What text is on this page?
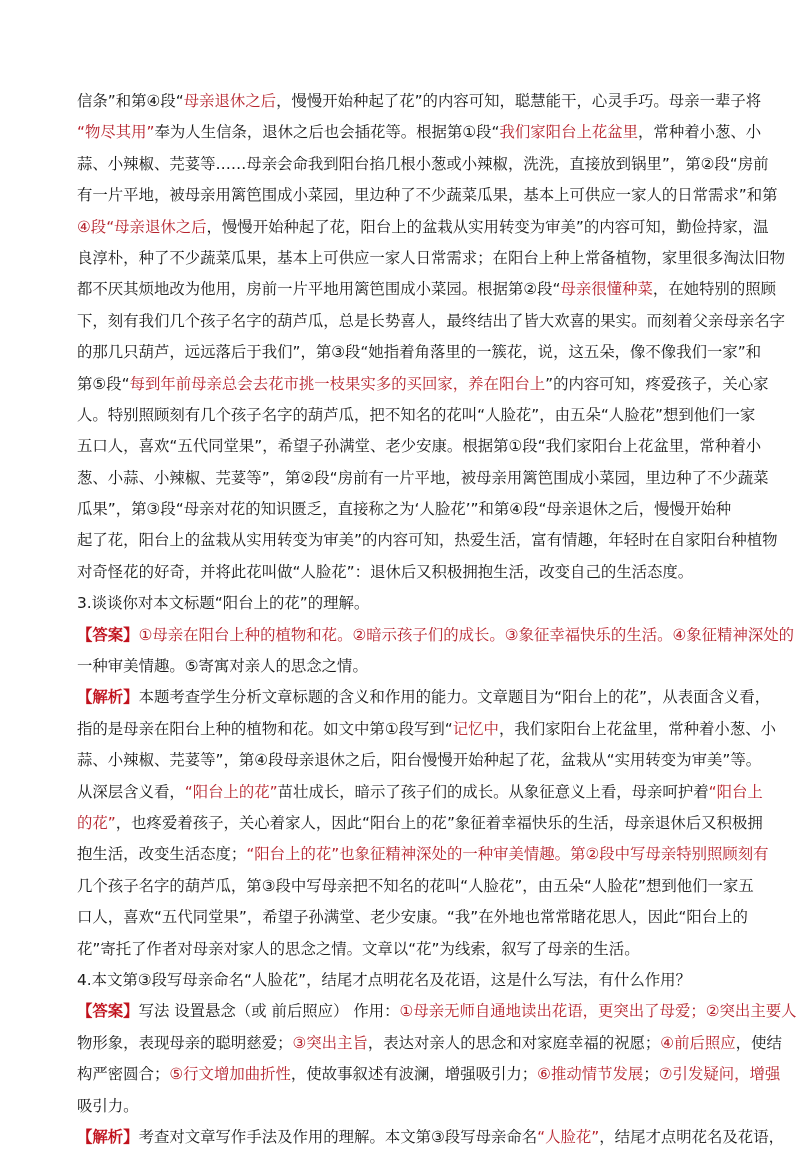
信条”和第④段“母亲退休之后，慢慢开始种起了花”的内容可知，聪慧能干，心灵手巧。母亲一辈子将
“物尽其用”奉为人生信条，退休之后也会插花等。根据第①段“我们家阳台上花盆里，常种着小葱、小
蒜、小辣椒、芫荽等……母亲会命我到阳台掐几根小葱或小辣椒，洗洗，直接放到锅里”，第②段“房前
有一片平地，被母亲用篱笆围成小菜园，里边种了不少蔬菜瓜果，基本上可供应一家人的日常需求”和第
④段“母亲退休之后，慢慢开始种起了花，阳台上的盆栽从实用转变为审美”的内容可知，勤俭持家，温
良淳朴，种了不少蔬菜瓜果，基本上可供应一家人日常需求；在阳台上种上常备植物，家里很多淘汰旧物
都不厌其烦地改为他用，房前一片平地用篱笆围成小菜园。根据第②段“母亲很懂种菜，在她特别的照顾
下，刻有我们几个孩子名字的葫芦瓜，总是长势喜人，最终结出了皆大欢喜的果实。而刻着父亲母亲名字
的那几只葫芦，远远落后于我们”，第③段“她指着角落里的一簇花，说，这五朵，像不像我们一家”和
第⑤段“每到年前母亲总会去花市挑一枝果实多的买回家，养在阳台上”的内容可知，疼爱孩子，关心家
人。特别照顾刻有几个孩子名字的葫芦瓜，把不知名的花叫“人脸花”，由五朵“人脸花”想到他们一家
五口人，喜欢“五代同堂果”，希望子孙满堂、老少安康。根据第①段“我们家阳台上花盆里，常种着小
葱、小蒜、小辣椒、芫荽等”，第②段“房前有一片平地，被母亲用篱笆围成小菜园，里边种了不少蔬菜
瓜果”，第③段“母亲对花的知识匮乏，直接称之为‘人脸花’”和第④段“母亲退休之后，慢慢开始种
起了花，阳台上的盆栽从实用转变为审美”的内容可知，热爱生活，富有情趣，年轻时在自家阳台种植物
对奇怪花的好奇，并将此花叫做“人脸花”：退休后又积极拥抱生活，改变自己的生活态度。
3.谈谈你对本文标题“阳台上的花”的理解。
【答案】①母亲在阳台上种的植物和花。②暗示孩子们的成长。③象征幸福快乐的生活。④象征精神深处的
一种审美情趣。⑤寄寓对亲人的思念之情。
【解析】本题考查学生分析文章标题的含义和作用的能力。文章题目为“阳台上的花”，从表面含义看，
指的是母亲在阳台上种的植物和花。如文中第①段写到“记忆中，我们家阳台上花盆里，常种着小葱、小
蒜、小辣椒、芫荽等”，第④段母亲退休之后，阳台慢慢开始种起了花，盆栽从“实用转变为审美”等。
从深层含义看，“阳台上的花”苗壮成长，暗示了孩子们的成长。从象征意义上看，母亲呵护着“阳台上
的花”，也疼爱着孩子，关心着家人，因此“阳台上的花”象征着幸福快乐的生活，母亲退休后又积极拥
抱生活，改变生活态度；“阳台上的花”也象征精神深处的一种审美情趣。第②段中写母亲特别照顾刻有
几个孩子名字的葫芦瓜，第③段中写母亲把不知名的花叫“人脸花”，由五朵“人脸花”想到他们一家五
口人，喜欢“五代同堂果”，希望子孙满堂、老少安康。“我”在外地也常常睹花思人，因此“阳台上的
花”寄托了作者对母亲对家人的思念之情。文章以“花”为线索，叙写了母亲的生活。
4.本文第③段写母亲命名“人脸花”，结尾才点明花名及花语，这是什么写法，有什么作用？
【答案】写法 设置悬念（或 前后照应） 作用：①母亲无师自通地读出花语，更突出了母爱；②突出主要人
物形象，表现母亲的聪明慈爱；③突出主旨，表达对亲人的思念和对家庭幸福的祝愿；④前后照应，使结
构严密圆合；⑤行文增加曲折性，使故事叙述有波澜，增强吸引力；⑥推动情节发展；⑦引发疑问，增强
吸引力。
【解析】考查对文章写作手法及作用的理解。本文第③段写母亲命名“人脸花”，结尾才点明花名及花语，
